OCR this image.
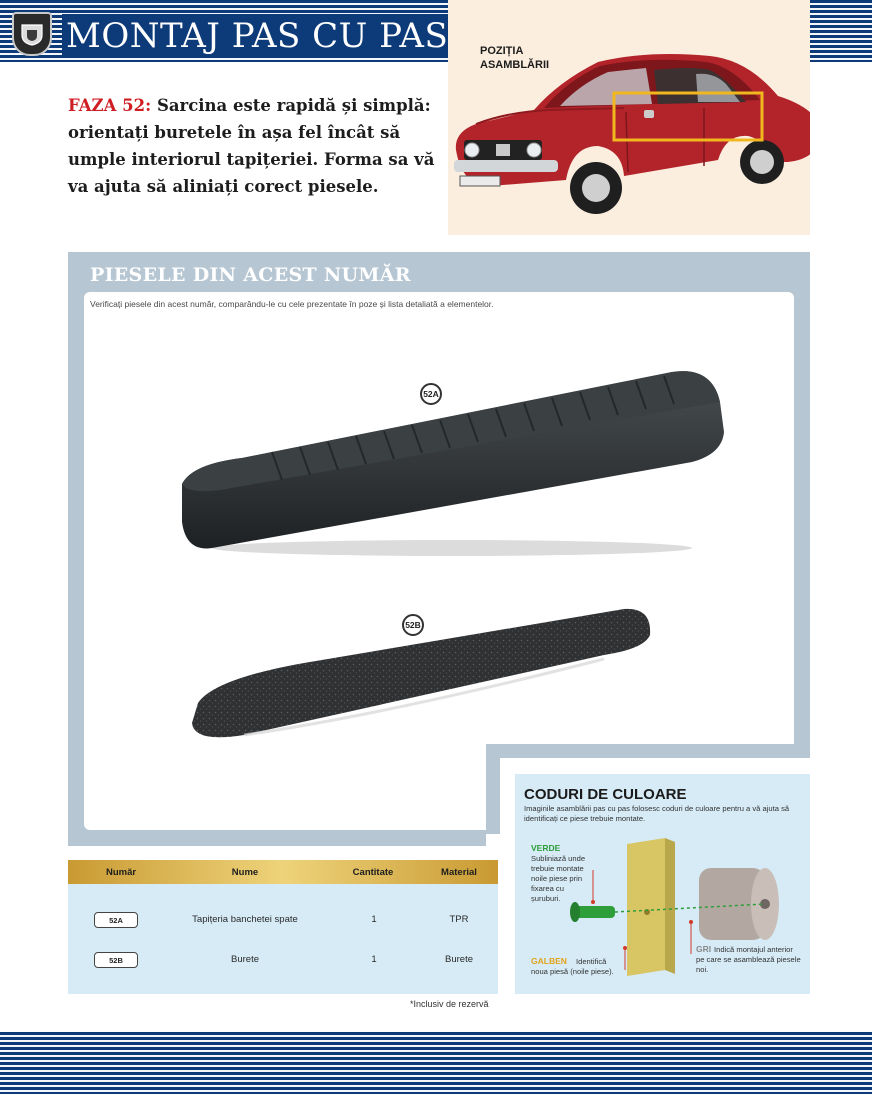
MONTAJ PAS CU PAS	POZIȚIA
ASAMBLĂRII
FAZA 52: Sarcina este rapidă și simplă: orientați buretele în așa fel încât să umple interiorul tapițeriei. Forma sa vă va ajuta să aliniați corect piesele.
PIESELE DIN ACEST NUMĂR
Verificați piesele din acest număr, comparându-le cu cele prezentate în poze și lista detaliată a elementelor.
52A
52B
CODURI DE CULOARE
Imaginile asamblării pas cu pas folosesc coduri de culoare pentru a vă ajuta să identificați ce piese trebuie montate.
VERDE
Subliniază unde trebuie montate noile piese prin fixarea cu șuruburi.
GALBEN Identifică
noua piesă (noile piese).
GRI Indică montajul anterior
pe care se asamblează piesele noi.
Număr	Nume	Cantitate	Material
52A	Tapițeria banchetei spate	1	TPR
52B	Burete	1	Burete
*Inclusiv de rezervă
